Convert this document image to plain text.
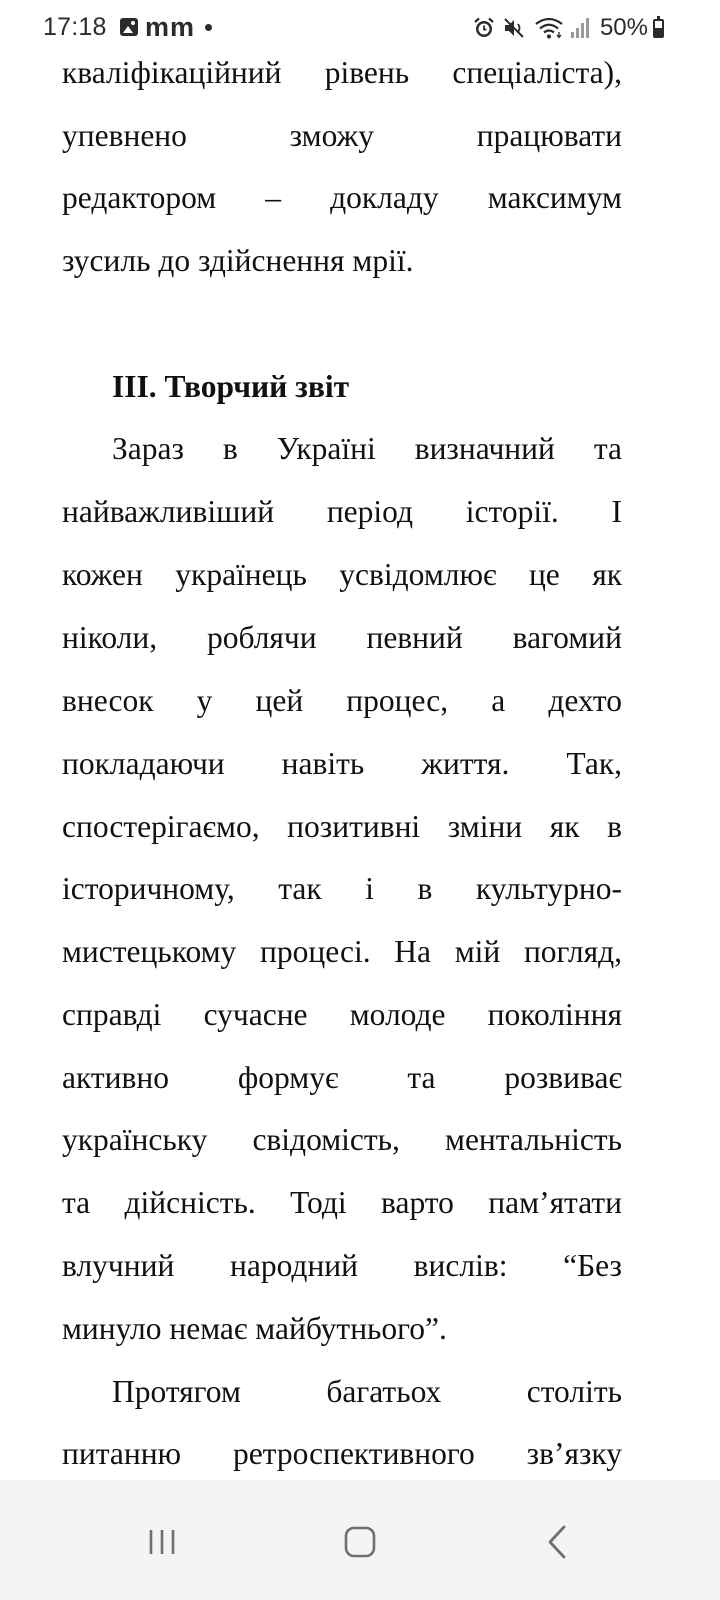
17:18 m m	50%
кваліфікаційний рівень спеціаліста),
упевнено зможу працювати
редактором – докладу максимум
зусиль до здійснення мрії.
ІІІ. Творчий звіт
Зараз в Україні визначний та
найважливіший період історії. І
кожен українець усвідомлює це як
ніколи, роблячи певний вагомий
внесок у цей процес, а дехто
покладаючи навіть життя. Так,
спостерігаємо, позитивні зміни як в
історичному, так і в культурно-
мистецькому процесі. На мій погляд,
справді сучасне молоде покоління
активно формує та розвиває
українську свідомість, ментальність
та дійсність. Тоді варто пам’ятати
влучний народний вислів: “Без
минуло немає майбутнього”.
Протягом багатьох століть
питанню ретроспективного зв’язку
